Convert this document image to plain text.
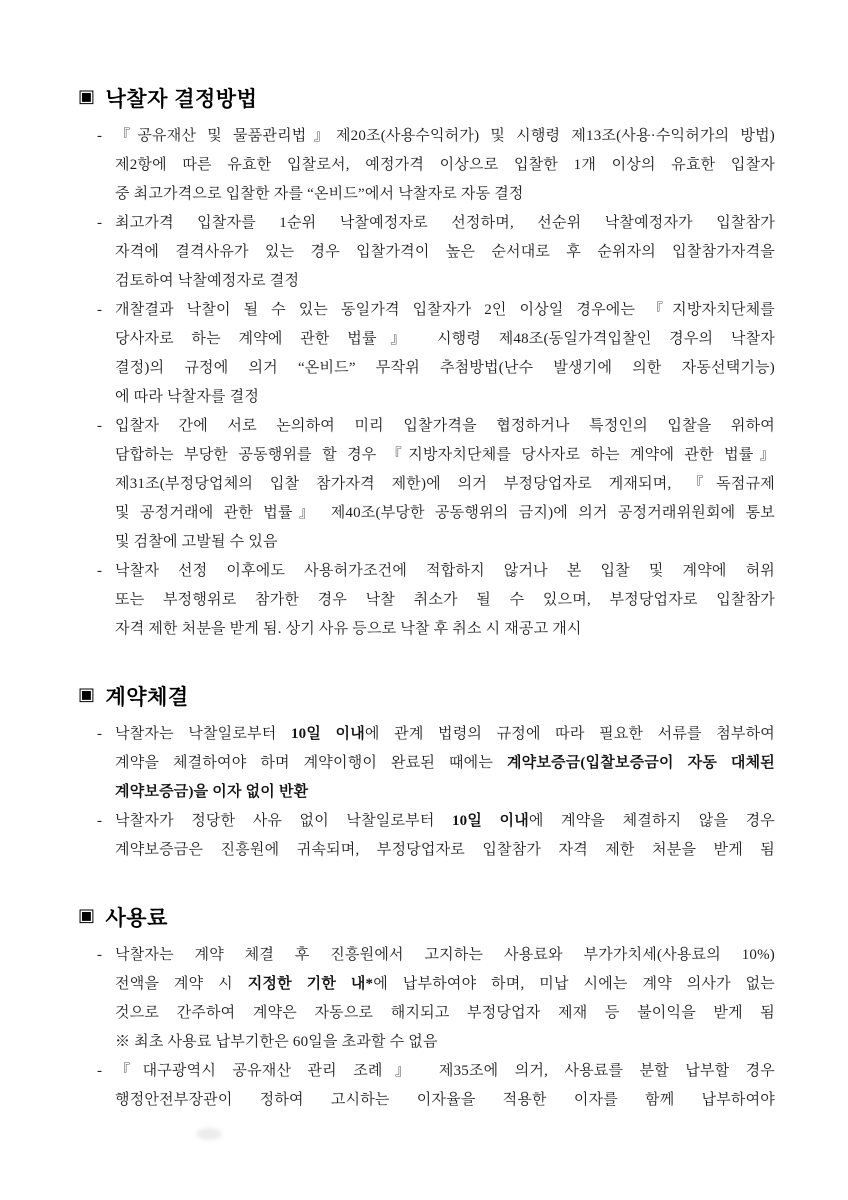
▣ 낙찰자 결정방법
- 『공유재산 및 물품관리법』제20조(사용수익허가) 및 시행령 제13조(사용·수익허가의 방법)
제2항에 따른 유효한 입찰로서, 예정가격 이상으로 입찰한 1개 이상의 유효한 입찰자
중 최고가격으로 입찰한 자를 “온비드”에서 낙찰자로 자동 결정
- 최고가격 입찰자를 1순위 낙찰예정자로 선정하며, 선순위 낙찰예정자가 입찰참가
자격에 결격사유가 있는 경우 입찰가격이 높은 순서대로 후 순위자의 입찰참가자격을
검토하여 낙찰예정자로 결정
- 개찰결과 낙찰이 될 수 있는 동일가격 입찰자가 2인 이상일 경우에는 『지방자치단체를
당사자로 하는 계약에 관한 법률』 시행령 제48조(동일가격입찰인 경우의 낙찰자
결정)의 규정에 의거 “온비드” 무작위 추첨방법(난수 발생기에 의한 자동선택기능)
에 따라 낙찰자를 결정
- 입찰자 간에 서로 논의하여 미리 입찰가격을 협정하거나 특정인의 입찰을 위하여
담합하는 부당한 공동행위를 할 경우 『지방자치단체를 당사자로 하는 계약에 관한 법률』
제31조(부정당업체의 입찰 참가자격 제한)에 의거 부정당업자로 게재되며, 『독점규제
및 공정거래에 관한 법률』 제40조(부당한 공동행위의 금지)에 의거 공정거래위원회에 통보
및 검찰에 고발될 수 있음
- 낙찰자 선정 이후에도 사용허가조건에 적합하지 않거나 본 입찰 및 계약에 허위
또는 부정행위로 참가한 경우 낙찰 취소가 될 수 있으며, 부정당업자로 입찰참가
자격 제한 처분을 받게 됨. 상기 사유 등으로 낙찰 후 취소 시 재공고 개시
▣ 계약체결
- 낙찰자는 낙찰일로부터 10일 이내에 관계 법령의 규정에 따라 필요한 서류를 첨부하여
계약을 체결하여야 하며 계약이행이 완료된 때에는 계약보증금(입찰보증금이 자동 대체된
계약보증금)을 이자 없이 반환
- 낙찰자가 정당한 사유 없이 낙찰일로부터 10일 이내에 계약을 체결하지 않을 경우
계약보증금은 진흥원에 귀속되며, 부정당업자로 입찰참가 자격 제한 처분을 받게 됨
▣ 사용료
- 낙찰자는 계약 체결 후 진흥원에서 고지하는 사용료와 부가가치세(사용료의 10%)
전액을 계약 시 지정한 기한 내*에 납부하여야 하며, 미납 시에는 계약 의사가 없는
것으로 간주하여 계약은 자동으로 해지되고 부정당업자 제재 등 불이익을 받게 됨
※ 최초 사용료 납부기한은 60일을 초과할 수 없음
- 『대구광역시 공유재산 관리 조례』 제35조에 의거, 사용료를 분할 납부할 경우
행정안전부장관이 정하여 고시하는 이자율을 적용한 이자를 함께 납부하여야
